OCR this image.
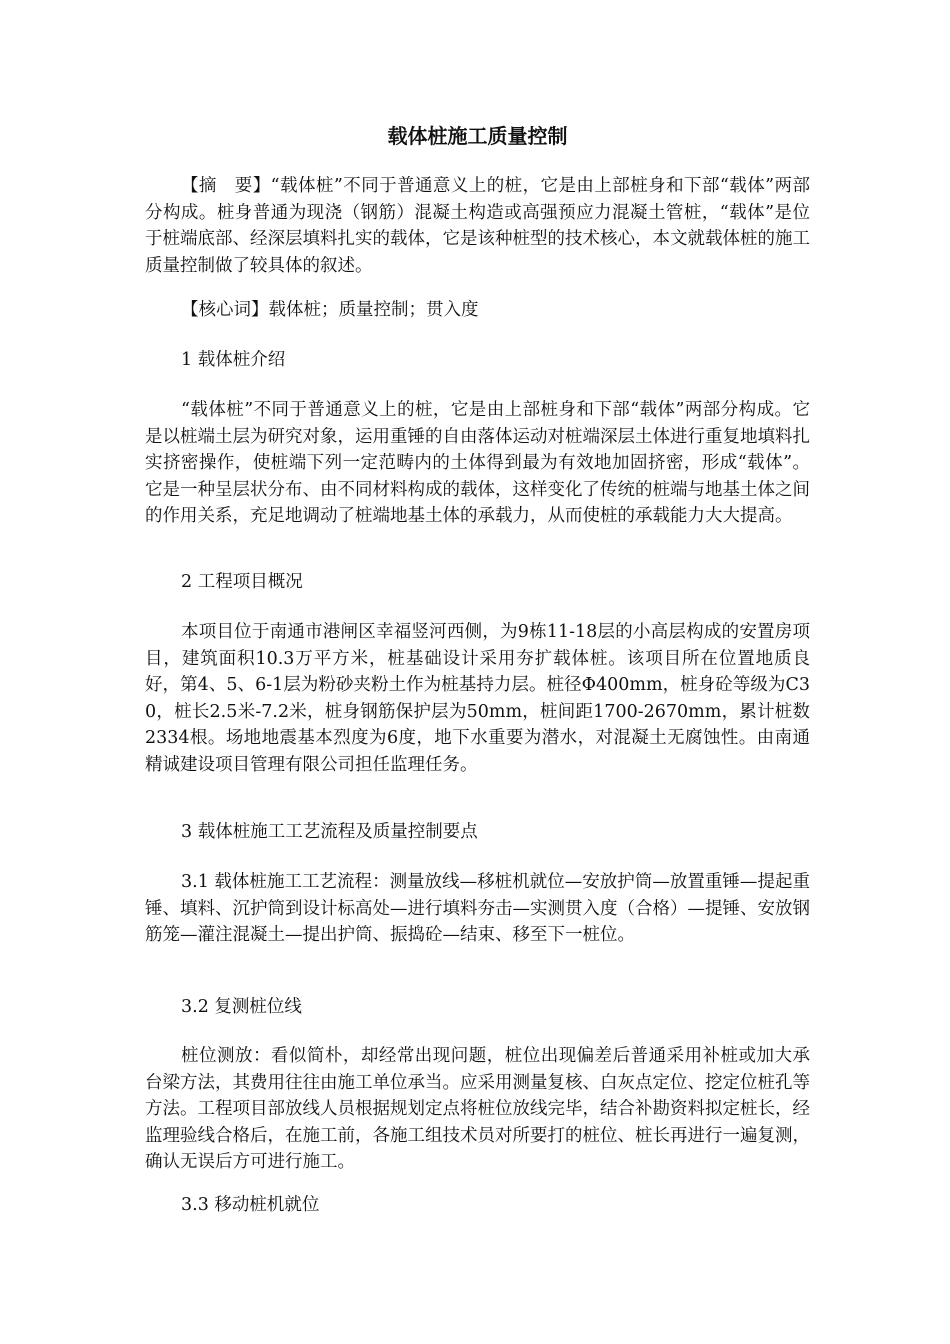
载体桩施工质量控制

【摘　要】“载体桩”不同于普通意义上的桩，它是由上部桩身和下部“载体”两部分构成。桩身普通为现浇（钢筋）混凝土构造或高强预应力混凝土管桩，“载体”是位于桩端底部、经深层填料扎实的载体，它是该种桩型的技术核心，本文就载体桩的施工质量控制做了较具体的叙述。

【核心词】载体桩；质量控制；贯入度

1 载体桩介绍

“载体桩”不同于普通意义上的桩，它是由上部桩身和下部“载体”两部分构成。它是以桩端土层为研究对象，运用重锤的自由落体运动对桩端深层土体进行重复地填料扎实挤密操作，使桩端下列一定范畴内的土体得到最为有效地加固挤密，形成“载体”。它是一种呈层状分布、由不同材料构成的载体，这样变化了传统的桩端与地基土体之间的作用关系，充足地调动了桩端地基土体的承载力，从而使桩的承载能力大大提高。

2 工程项目概况

本项目位于南通市港闸区幸福竖河西侧，为9栋11-18层的小高层构成的安置房项目，建筑面积10.3万平方米，桩基础设计采用夯扩载体桩。该项目所在位置地质良好，第4、5、6-1层为粉砂夹粉土作为桩基持力层。桩径Φ400mm，桩身砼等级为C30，桩长2.5米-7.2米，桩身钢筋保护层为50mm，桩间距1700-2670mm，累计桩数2334根。场地地震基本烈度为6度，地下水重要为潜水，对混凝土无腐蚀性。由南通精诚建设项目管理有限公司担任监理任务。

3 载体桩施工工艺流程及质量控制要点

3.1 载体桩施工工艺流程：测量放线—移桩机就位—安放护筒—放置重锤—提起重锤、填料、沉护筒到设计标高处—进行填料夯击—实测贯入度（合格）—提锤、安放钢筋笼—灌注混凝土—提出护筒、振捣砼—结束、移至下一桩位。

3.2 复测桩位线

桩位测放：看似简朴，却经常出现问题，桩位出现偏差后普通采用补桩或加大承台梁方法，其费用往往由施工单位承当。应采用测量复核、白灰点定位、挖定位桩孔等方法。工程项目部放线人员根据规划定点将桩位放线完毕，结合补勘资料拟定桩长，经监理验线合格后，在施工前，各施工组技术员对所要打的桩位、桩长再进行一遍复测，确认无误后方可进行施工。

3.3 移动桩机就位
